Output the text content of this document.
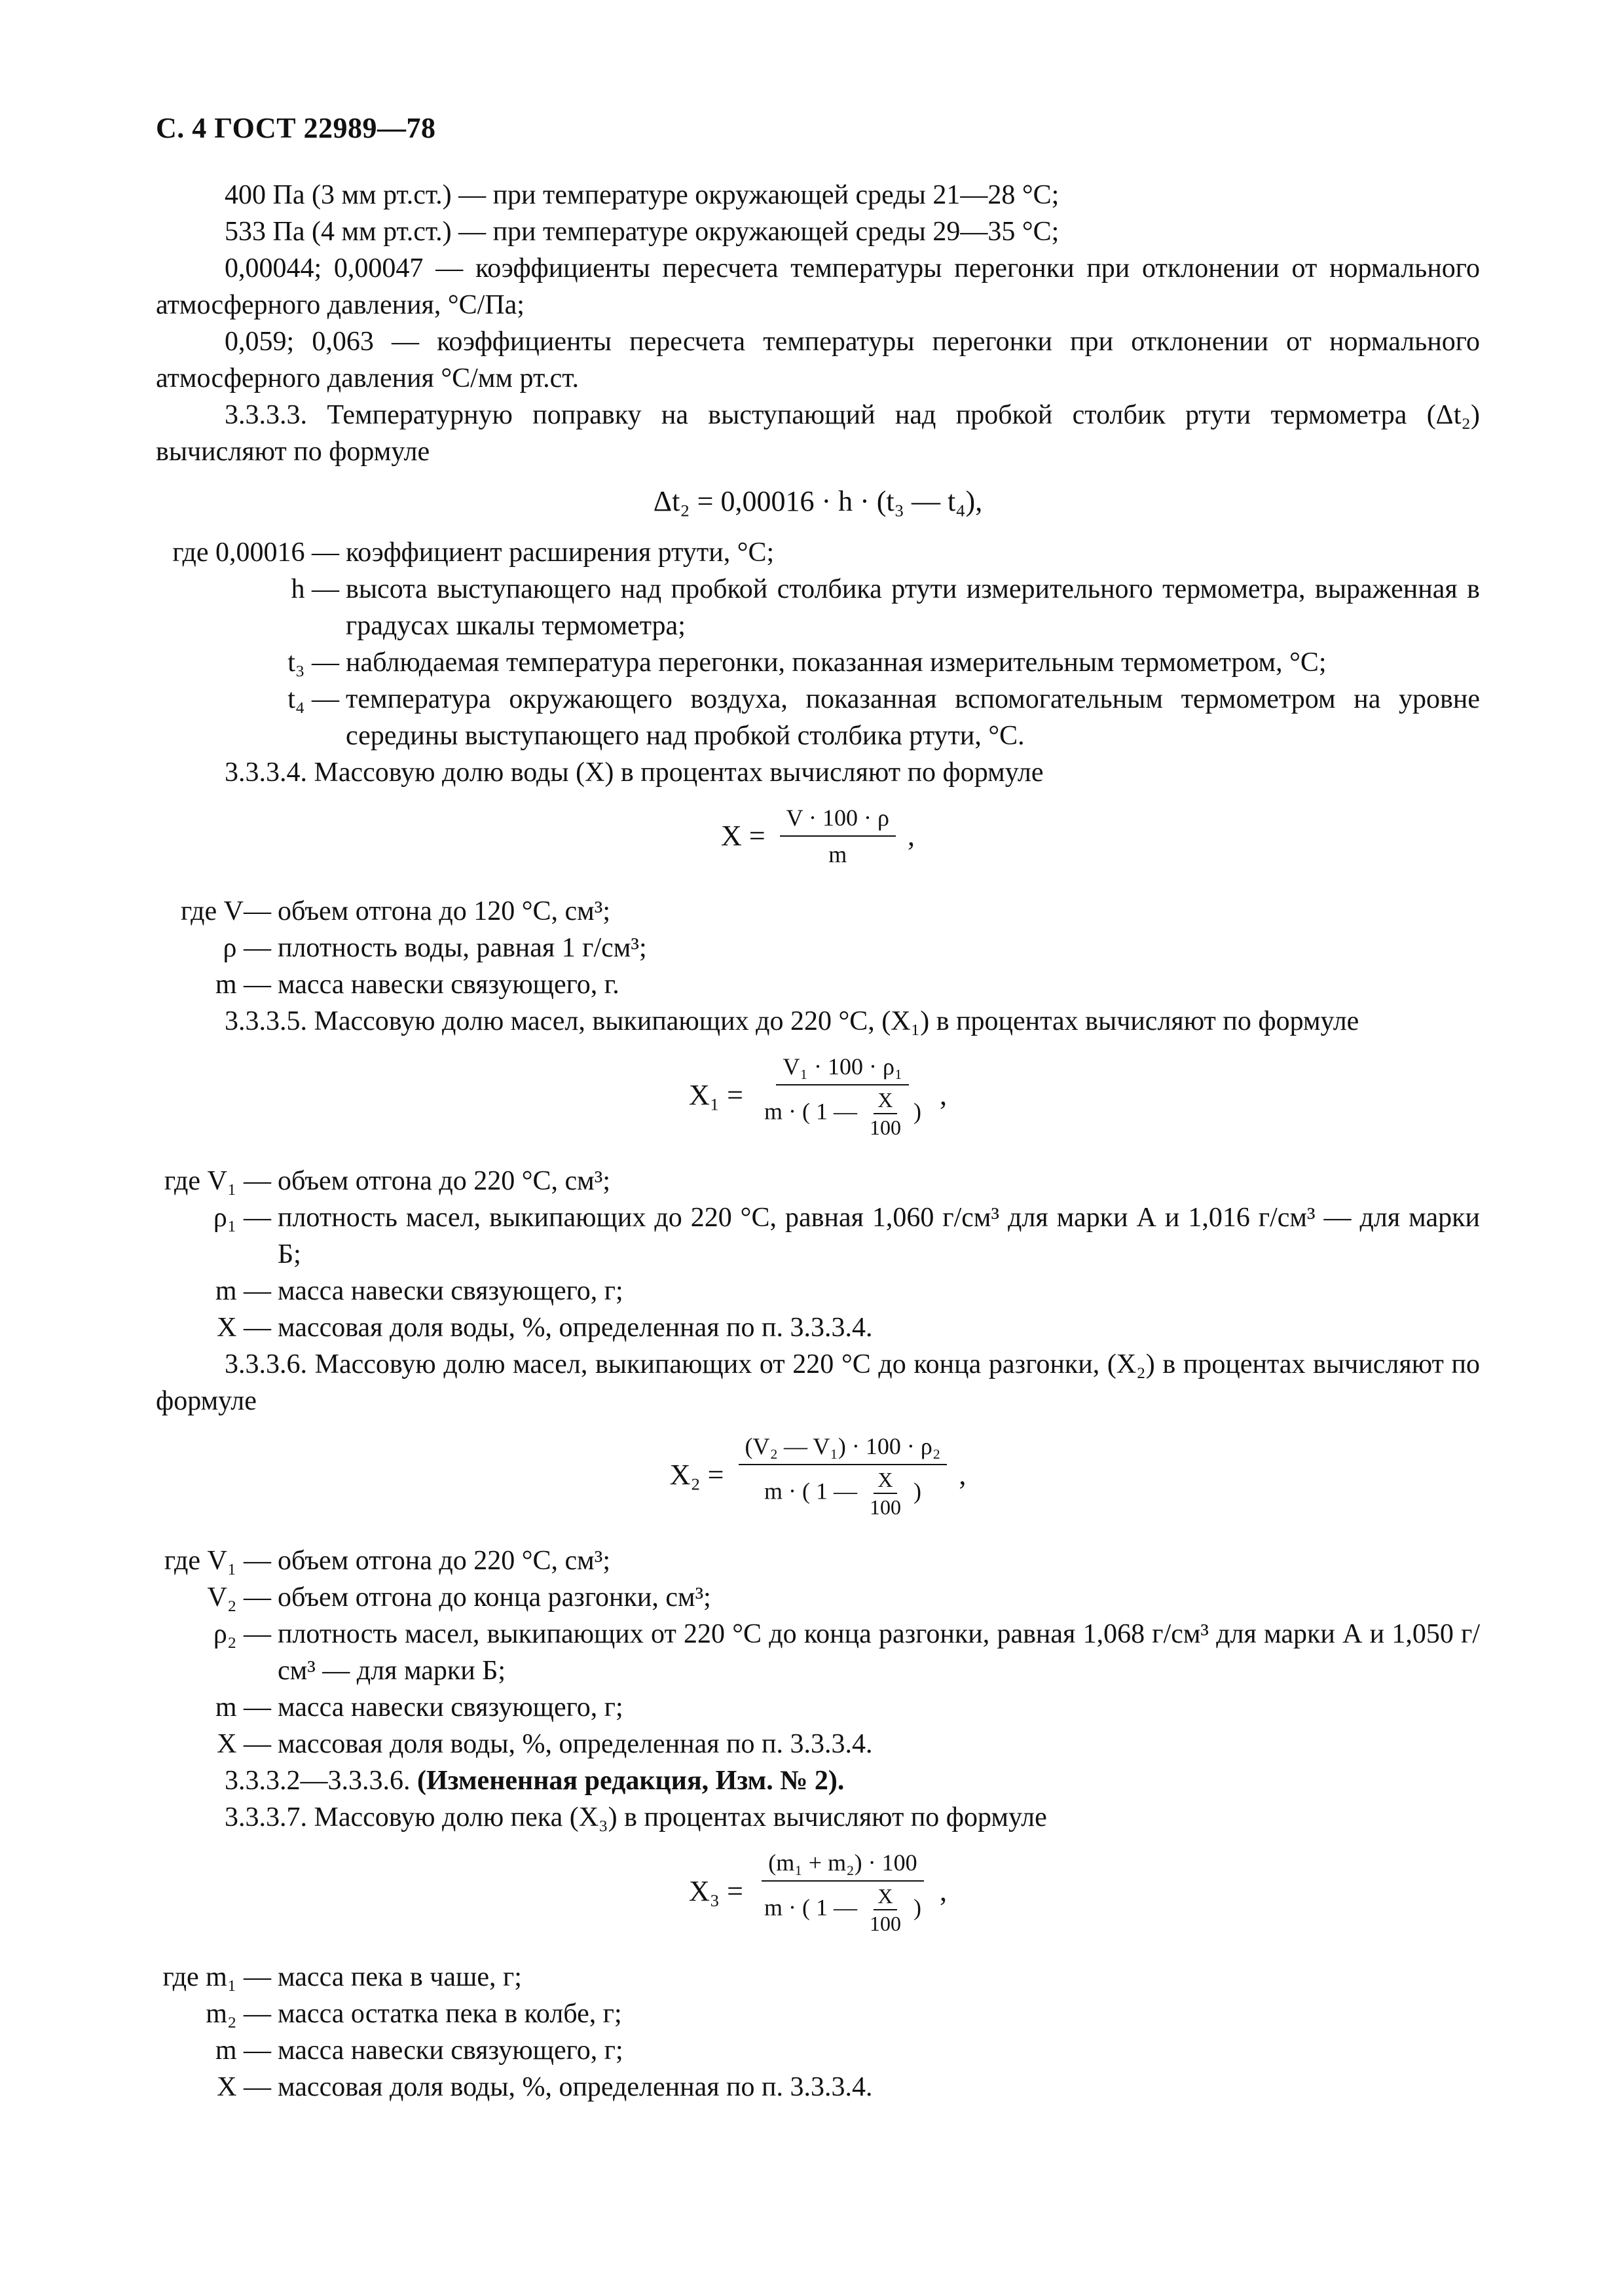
С. 4 ГОСТ 22989—78

400 Па (3 мм рт.ст.) — при температуре окружающей среды 21—28 °С;

533 Па (4 мм рт.ст.) — при температуре окружающей среды 29—35 °С;

0,00044; 0,00047 — коэффициенты пересчета температуры перегонки при отклонении от нормального атмосферного давления, °С/Па;

0,059; 0,063 — коэффициенты пересчета температуры перегонки при отклонении от нормального атмосферного давления °С/мм рт.ст.

3.3.3.3. Температурную поправку на выступающий над пробкой столбик ртути термометра (Δt₂) вычисляют по формуле

Δt₂ = 0,00016 · h · (t₃ — t₄),
где 0,00016 —	коэффициент расширения ртути, °С;
h —	высота выступающего над пробкой столбика ртути измерительного термометра, выраженная в градусах шкалы термометра;
t₃ —	наблюдаемая температура перегонки, показанная измерительным термометром, °С;
t₄ —	температура окружающего воздуха, показанная вспомогательным термометром на уровне середины выступающего над пробкой столбика ртути, °С.

3.3.3.4. Массовую долю воды (X) в процентах вычисляют по формуле

$X = \frac{V \cdot 100 \cdot \rho}{m}$ ,
где V—	объем отгона до 120 °С, см³;
ρ —	плотность воды, равная 1 г/см³;
m —	масса навески связующего, г.

3.3.3.5. Массовую долю масел, выкипающих до 220 °С, (X₁) в процентах вычисляют по формуле

X₁ =
V₁ · 100 · ρ₁
m · ( 1 — $\frac{X}{100}$ )
,
где V₁ —	объем отгона до 220 °С, см³;
ρ₁ —	плотность масел, выкипающих до 220 °С, равная 1,060 г/см³ для марки А и 1,016 г/см³ — для марки Б;
m —	масса навески связующего, г;
X —	массовая доля воды, %, определенная по п. 3.3.3.4.

3.3.3.6. Массовую долю масел, выкипающих от 220 °С до конца разгонки, (X₂) в процентах вычисляют по формуле

X₂ =
(V₂ — V₁) · 100 · ρ₂
m · ( 1 — $\frac{X}{100}$ )
,
где V₁ —	объем отгона до 220 °С, см³;
V₂ —	объем отгона до конца разгонки, см³;
ρ₂ —	плотность масел, выкипающих от 220 °С до конца разгонки, равная 1,068 г/см³ для марки А и 1,050 г/см³ — для марки Б;
m —	масса навески связующего, г;
X —	массовая доля воды, %, определенная по п. 3.3.3.4.

3.3.3.2—3.3.3.6. (Измененная редакция, Изм. № 2).

3.3.3.7. Массовую долю пека (X₃) в процентах вычисляют по формуле

X₃ =
(m₁ + m₂) · 100
m · ( 1 — $\frac{X}{100}$ )
,
где m₁ —	масса пека в чаше, г;
m₂ —	масса остатка пека в колбе, г;
m —	масса навески связующего, г;
X —	массовая доля воды, %, определенная по п. 3.3.3.4.
